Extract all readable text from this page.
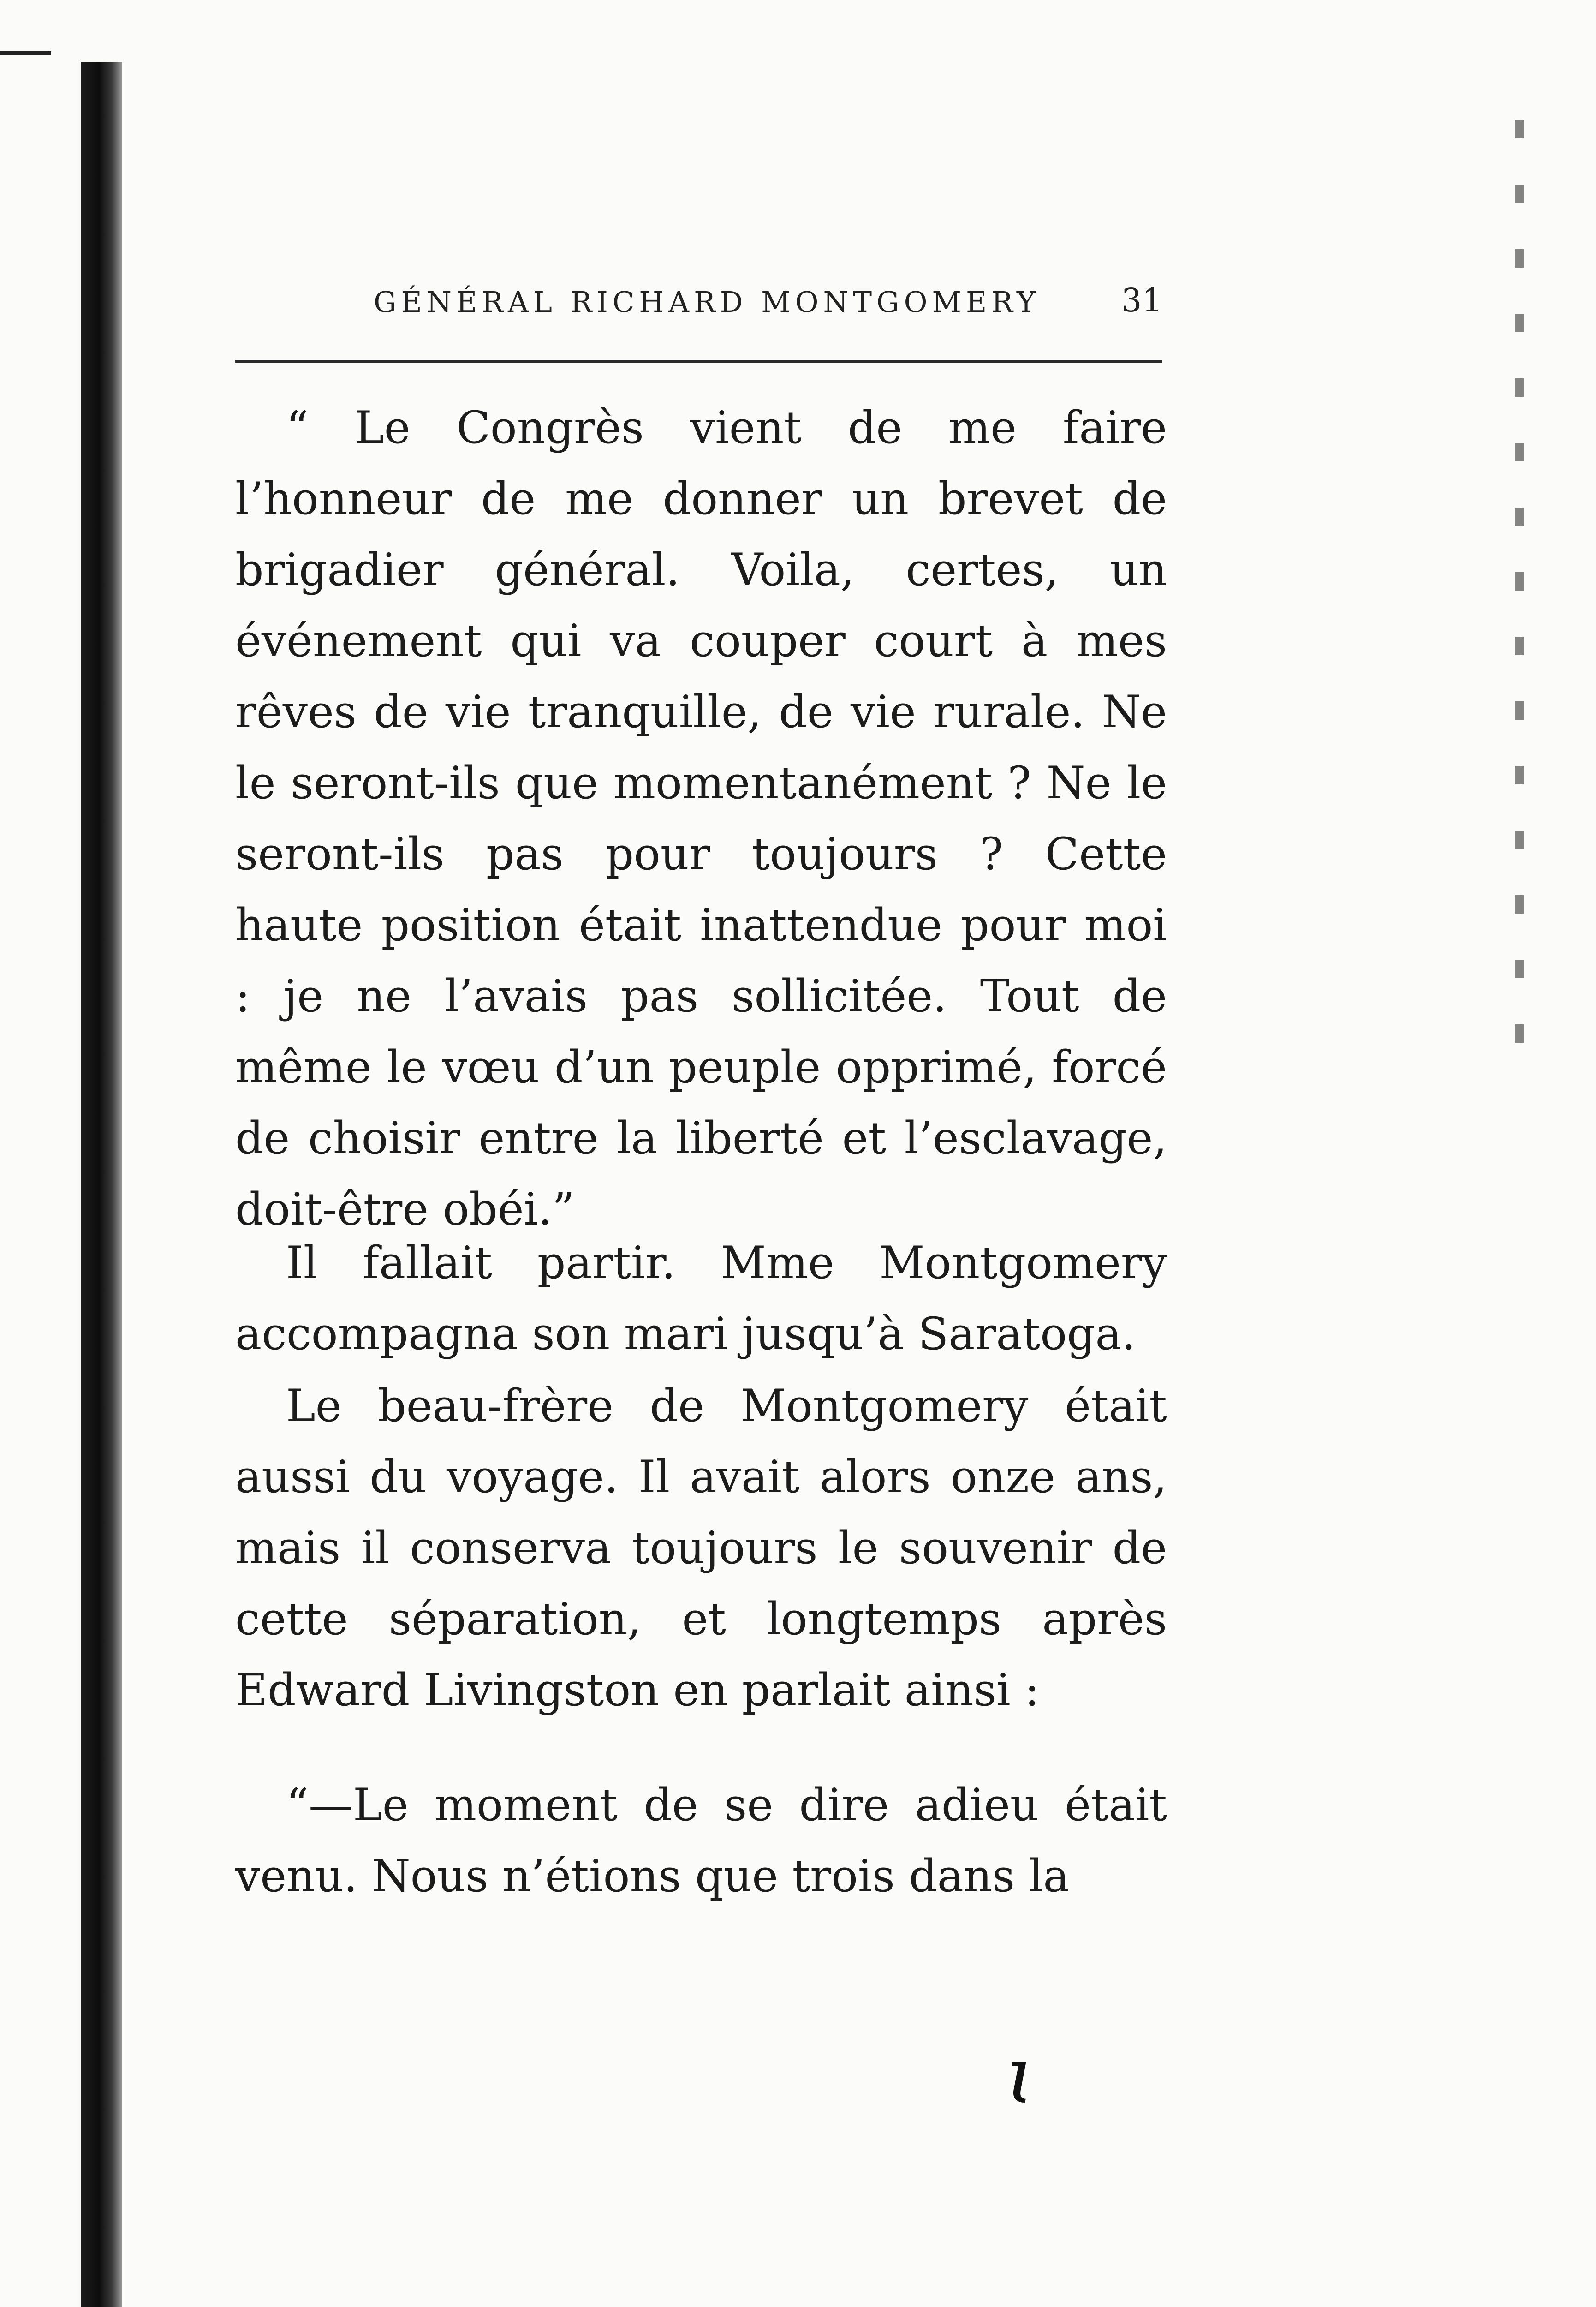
GÉNÉRAL RICHARD MONTGOMERY	31

“ Le Congrès vient de me faire l’honneur de me donner un brevet de brigadier général. Voila, certes, un événement qui va couper court à mes rêves de vie tranquille, de vie rurale. Ne le seront-ils que momentanément ? Ne le seront-ils pas pour toujours ? Cette haute position était inattendue pour moi : je ne l’avais pas sollicitée. Tout de même le vœu d’un peuple opprimé, forcé de choisir entre la liberté et l’esclavage, doit-être obéi.”

Il fallait partir. Mme Montgomery accompagna son mari jusqu’à Saratoga.

Le beau-frère de Montgomery était aussi du voyage. Il avait alors onze ans, mais il conserva toujours le souvenir de cette séparation, et longtemps après Edward Livingston en parlait ainsi :

“—Le moment de se dire adieu était venu. Nous n’étions que trois dans la

ɩ
